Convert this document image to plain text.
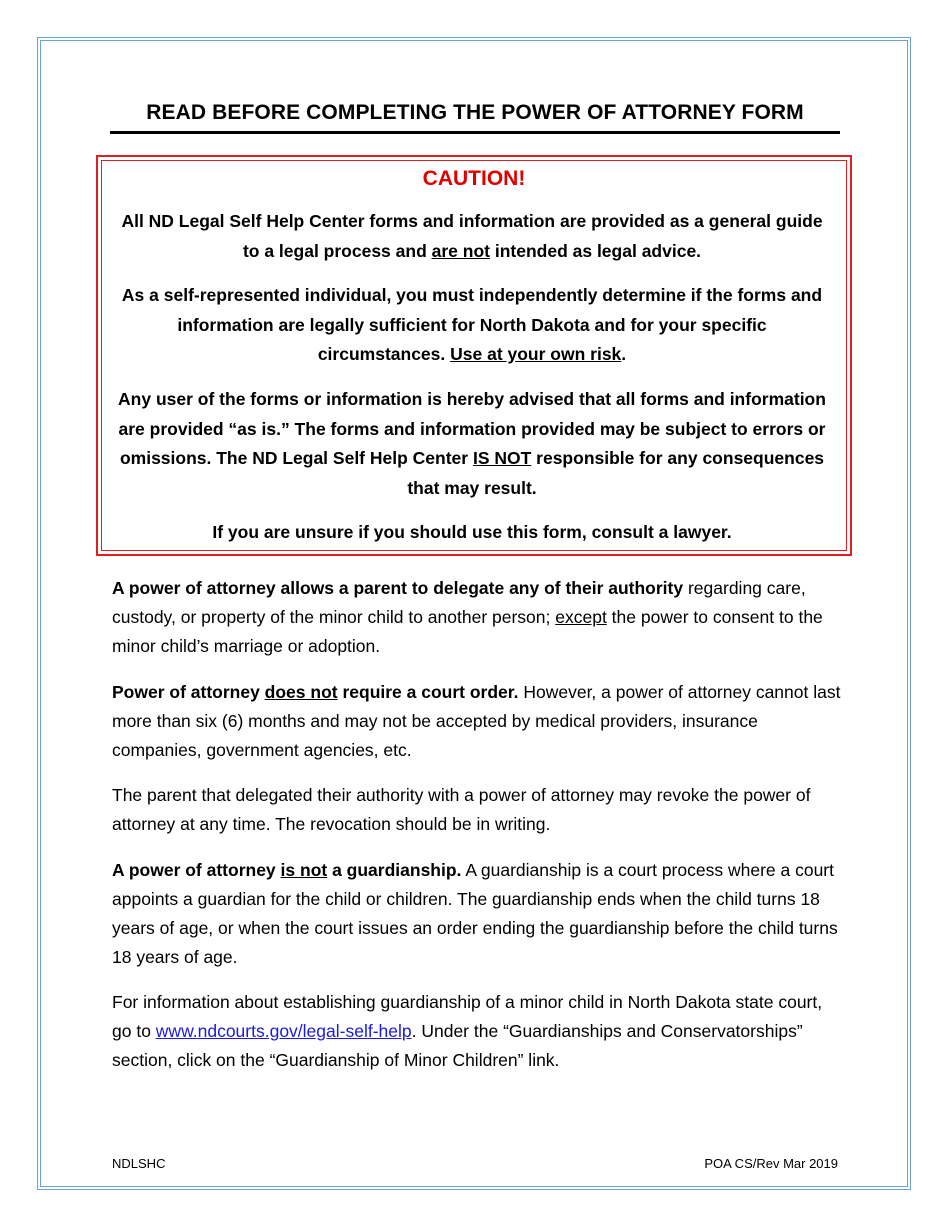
READ BEFORE COMPLETING THE POWER OF ATTORNEY FORM
CAUTION!
All ND Legal Self Help Center forms and information are provided as a general guide to a legal process and are not intended as legal advice.
As a self-represented individual, you must independently determine if the forms and information are legally sufficient for North Dakota and for your specific circumstances. Use at your own risk.
Any user of the forms or information is hereby advised that all forms and information are provided “as is.” The forms and information provided may be subject to errors or omissions. The ND Legal Self Help Center IS NOT responsible for any consequences that may result.
If you are unsure if you should use this form, consult a lawyer.
A power of attorney allows a parent to delegate any of their authority regarding care, custody, or property of the minor child to another person; except the power to consent to the minor child’s marriage or adoption.
Power of attorney does not require a court order. However, a power of attorney cannot last more than six (6) months and may not be accepted by medical providers, insurance companies, government agencies, etc.
The parent that delegated their authority with a power of attorney may revoke the power of attorney at any time. The revocation should be in writing.
A power of attorney is not a guardianship. A guardianship is a court process where a court appoints a guardian for the child or children. The guardianship ends when the child turns 18 years of age, or when the court issues an order ending the guardianship before the child turns 18 years of age.
For information about establishing guardianship of a minor child in North Dakota state court, go to www.ndcourts.gov/legal-self-help. Under the “Guardianships and Conservatorships” section, click on the “Guardianship of Minor Children” link.
NDLSHC	POA CS/Rev Mar 2019
